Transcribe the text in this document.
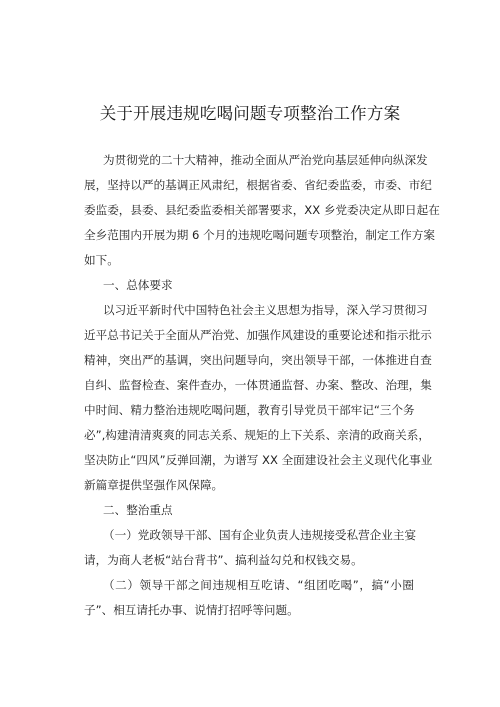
关于开展违规吃喝问题专项整治工作方案
为贯彻党的二十大精神，推动全面从严治党向基层延伸向纵深发
展，坚持以严的基调正风肃纪，根据省委、省纪委监委，市委、市纪
委监委，县委、县纪委监委相关部署要求，XX 乡党委决定从即日起在
全乡范围内开展为期 6 个月的违规吃喝问题专项整治，制定工作方案
如下。
一、总体要求
以习近平新时代中国特色社会主义思想为指导，深入学习贯彻习
近平总书记关于全面从严治党、加强作风建设的重要论述和指示批示
精神，突出严的基调，突出问题导向，突出领导干部，一体推进自查
自纠、监督检查、案件查办，一体贯通监督、办案、整改、治理，集
中时间、精力整治违规吃喝问题，教育引导党员干部牢记“三个务
必”,构建清清爽爽的同志关系、规矩的上下关系、亲清的政商关系，
坚决防止“四风”反弹回潮，为谱写 XX 全面建设社会主义现代化事业
新篇章提供坚强作风保障。
二、整治重点
（一）党政领导干部、国有企业负责人违规接受私营企业主宴
请，为商人老板“站台背书”、搞利益勾兑和权钱交易。
（二）领导干部之间违规相互吃请、“组团吃喝”，搞“小圈
子”、相互请托办事、说情打招呼等问题。
